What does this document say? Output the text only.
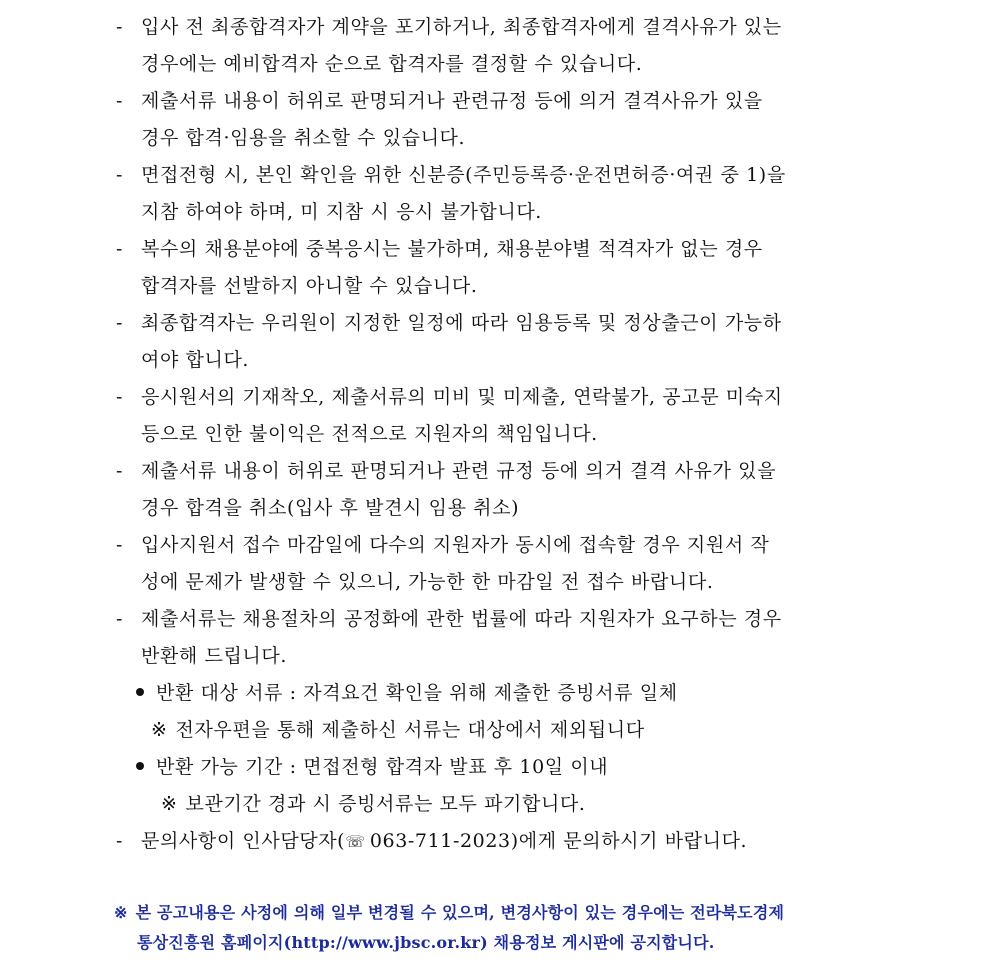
- 입사 전 최종합격자가 계약을 포기하거나, 최종합격자에게 결격사유가 있는
경우에는 예비합격자 순으로 합격자를 결정할 수 있습니다.
- 제출서류 내용이 허위로 판명되거나 관련규정 등에 의거 결격사유가 있을
경우 합격·임용을 취소할 수 있습니다.
- 면접전형 시, 본인 확인을 위한 신분증(주민등록증·운전면허증·여권 중 1)을
지참 하여야 하며, 미 지참 시 응시 불가합니다.
- 복수의 채용분야에 중복응시는 불가하며, 채용분야별 적격자가 없는 경우
합격자를 선발하지 아니할 수 있습니다.
- 최종합격자는 우리원이 지정한 일정에 따라 임용등록 및 정상출근이 가능하
여야 합니다.
- 응시원서의 기재착오, 제출서류의 미비 및 미제출, 연락불가, 공고문 미숙지
등으로 인한 불이익은 전적으로 지원자의 책임입니다.
- 제출서류 내용이 허위로 판명되거나 관련 규정 등에 의거 결격 사유가 있을
경우 합격을 취소(입사 후 발견시 임용 취소)
- 입사지원서 접수 마감일에 다수의 지원자가 동시에 접속할 경우 지원서 작
성에 문제가 발생할 수 있으니, 가능한 한 마감일 전 접수 바랍니다.
- 제출서류는 채용절차의 공정화에 관한 법률에 따라 지원자가 요구하는 경우
반환해 드립니다.
반환 대상 서류 : 자격요건 확인을 위해 제출한 증빙서류 일체
※ 전자우편을 통해 제출하신 서류는 대상에서 제외됩니다
반환 가능 기간 : 면접전형 합격자 발표 후 10일 이내
※ 보관기간 경과 시 증빙서류는 모두 파기합니다.
- 문의사항이 인사담당자(☏ 063-711-2023)에게 문의하시기 바랍니다.
※ 본 공고내용은 사정에 의해 일부 변경될 수 있으며, 변경사항이 있는 경우에는 전라북도경제
통상진흥원 홈페이지(http://www.jbsc.or.kr) 채용정보 게시판에 공지합니다.
